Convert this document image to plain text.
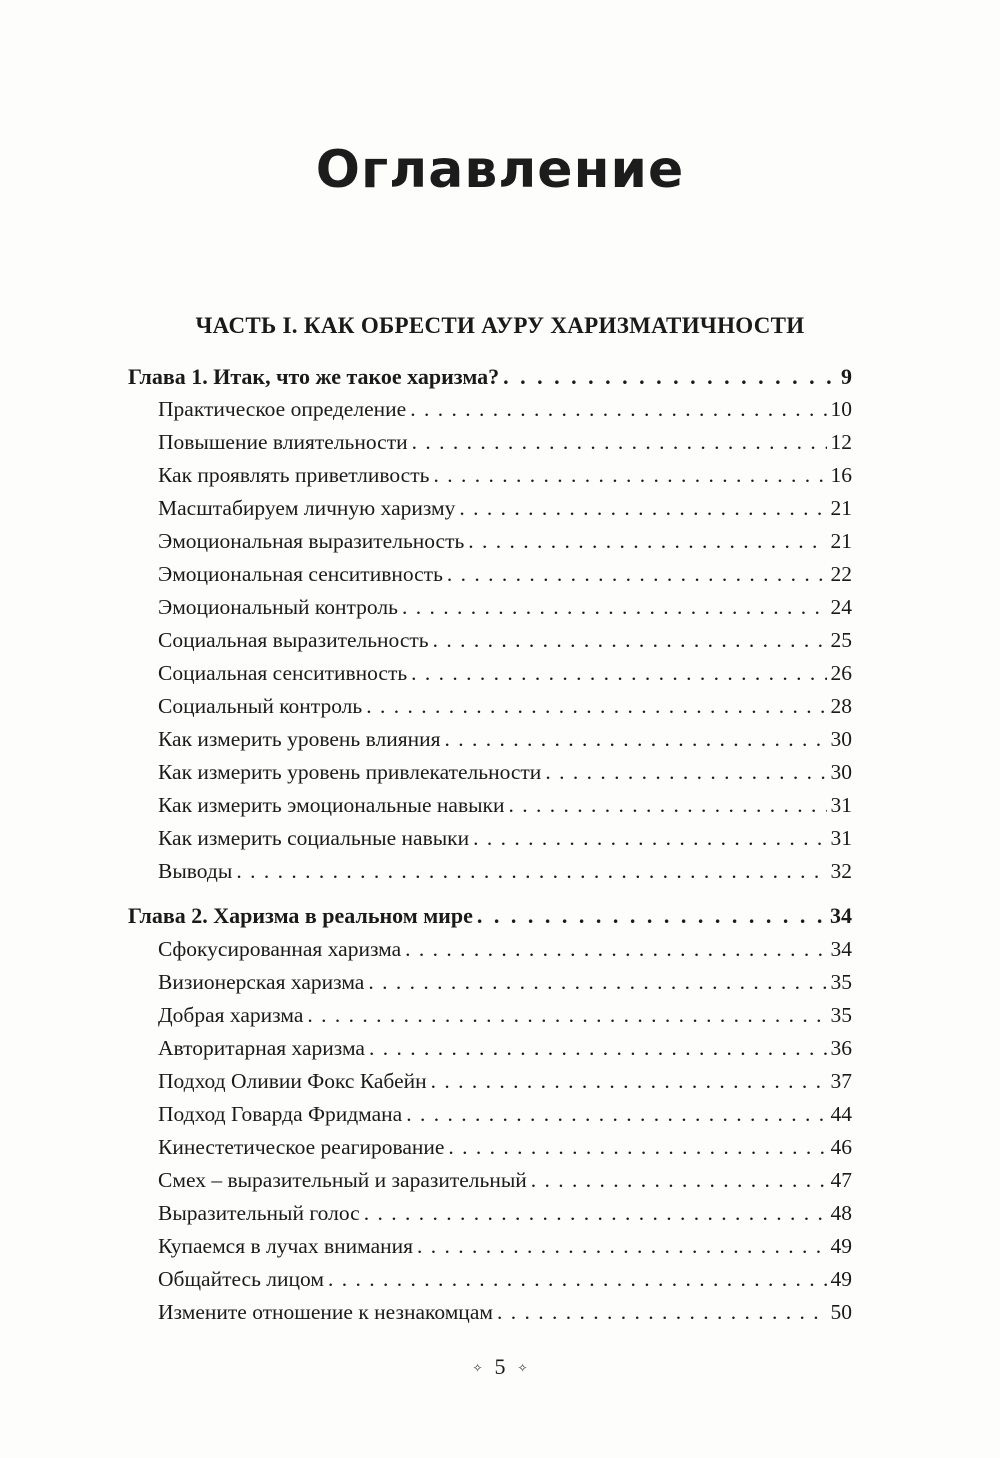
Оглавление
ЧАСТЬ I. КАК ОБРЕСТИ АУРУ ХАРИЗМАТИЧНОСТИ
Глава 1. Итак, что же такое харизма? . . .	9
Практическое определение . . .	10
Повышение влиятельности . . .	12
Как проявлять приветливость . . .	16
Масштабируем личную харизму . . .	21
Эмоциональная выразительность . . .	21
Эмоциональная сенситивность . . .	22
Эмоциональный контроль . . .	24
Социальная выразительность . . .	25
Социальная сенситивность . . .	26
Социальный контроль . . .	28
Как измерить уровень влияния . . .	30
Как измерить уровень привлекательности . . .	30
Как измерить эмоциональные навыки . . .	31
Как измерить социальные навыки . . .	31
Выводы . . .	32
Глава 2. Харизма в реальном мире . . .	34
Сфокусированная харизма . . .	34
Визионерская харизма . . .	35
Добрая харизма . . .	35
Авторитарная харизма . . .	36
Подход Оливии Фокс Кабейн . . .	37
Подход Говарда Фридмана . . .	44
Кинестетическое реагирование . . .	46
Смех – выразительный и заразительный . . .	47
Выразительный голос . . .	48
Купаемся в лучах внимания . . .	49
Общайтесь лицом . . .	49
Измените отношение к незнакомцам . . .	50
✧ 5 ✧
